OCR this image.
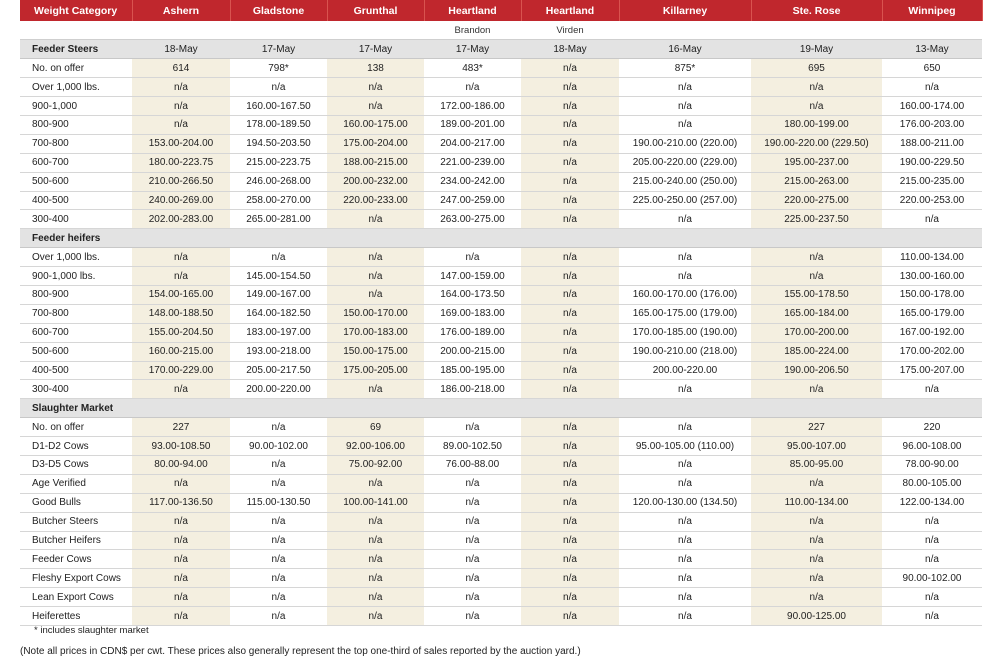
Weight Category	Ashern	Gladstone	Grunthal	Heartland	Heartland	Killarney	Ste. Rose	Winnipeg
				Brandon	Virden			
Feeder Steers	18-May	17-May	17-May	17-May	18-May	16-May	19-May	13-May
No. on offer	614	798*	138	483*	n/a	875*	695	650
Over 1,000 lbs.	n/a	n/a	n/a	n/a	n/a	n/a	n/a	n/a
900-1,000	n/a	160.00-167.50	n/a	172.00-186.00	n/a	n/a	n/a	160.00-174.00
800-900	n/a	178.00-189.50	160.00-175.00	189.00-201.00	n/a	n/a	180.00-199.00	176.00-203.00
700-800	153.00-204.00	194.50-203.50	175.00-204.00	204.00-217.00	n/a	190.00-210.00 (220.00)	190.00-220.00 (229.50)	188.00-211.00
600-700	180.00-223.75	215.00-223.75	188.00-215.00	221.00-239.00	n/a	205.00-220.00 (229.00)	195.00-237.00	190.00-229.50
500-600	210.00-266.50	246.00-268.00	200.00-232.00	234.00-242.00	n/a	215.00-240.00 (250.00)	215.00-263.00	215.00-235.00
400-500	240.00-269.00	258.00-270.00	220.00-233.00	247.00-259.00	n/a	225.00-250.00 (257.00)	220.00-275.00	220.00-253.00
300-400	202.00-283.00	265.00-281.00	n/a	263.00-275.00	n/a	n/a	225.00-237.50	n/a
Feeder heifers								
Over 1,000 lbs.	n/a	n/a	n/a	n/a	n/a	n/a	n/a	110.00-134.00
900-1,000 lbs.	n/a	145.00-154.50	n/a	147.00-159.00	n/a	n/a	n/a	130.00-160.00
800-900	154.00-165.00	149.00-167.00	n/a	164.00-173.50	n/a	160.00-170.00 (176.00)	155.00-178.50	150.00-178.00
700-800	148.00-188.50	164.00-182.50	150.00-170.00	169.00-183.00	n/a	165.00-175.00 (179.00)	165.00-184.00	165.00-179.00
600-700	155.00-204.50	183.00-197.00	170.00-183.00	176.00-189.00	n/a	170.00-185.00 (190.00)	170.00-200.00	167.00-192.00
500-600	160.00-215.00	193.00-218.00	150.00-175.00	200.00-215.00	n/a	190.00-210.00 (218.00)	185.00-224.00	170.00-202.00
400-500	170.00-229.00	205.00-217.50	175.00-205.00	185.00-195.00	n/a	200.00-220.00	190.00-206.50	175.00-207.00
300-400	n/a	200.00-220.00	n/a	186.00-218.00	n/a	n/a	n/a	n/a
Slaughter Market								
No. on offer	227	n/a	69	n/a	n/a	n/a	227	220
D1-D2 Cows	93.00-108.50	90.00-102.00	92.00-106.00	89.00-102.50	n/a	95.00-105.00 (110.00)	95.00-107.00	96.00-108.00
D3-D5 Cows	80.00-94.00	n/a	75.00-92.00	76.00-88.00	n/a	n/a	85.00-95.00	78.00-90.00
Age Verified	n/a	n/a	n/a	n/a	n/a	n/a	n/a	80.00-105.00
Good Bulls	117.00-136.50	115.00-130.50	100.00-141.00	n/a	n/a	120.00-130.00 (134.50)	110.00-134.00	122.00-134.00
Butcher Steers	n/a	n/a	n/a	n/a	n/a	n/a	n/a	n/a
Butcher Heifers	n/a	n/a	n/a	n/a	n/a	n/a	n/a	n/a
Feeder Cows	n/a	n/a	n/a	n/a	n/a	n/a	n/a	n/a
Fleshy Export Cows	n/a	n/a	n/a	n/a	n/a	n/a	n/a	90.00-102.00
Lean Export Cows	n/a	n/a	n/a	n/a	n/a	n/a	n/a	n/a
Heiferettes	n/a	n/a	n/a	n/a	n/a	n/a	90.00-125.00	n/a
* includes slaughter market
(Note all prices in CDN$ per cwt. These prices also generally represent the top one-third of sales reported by the auction yard.)
